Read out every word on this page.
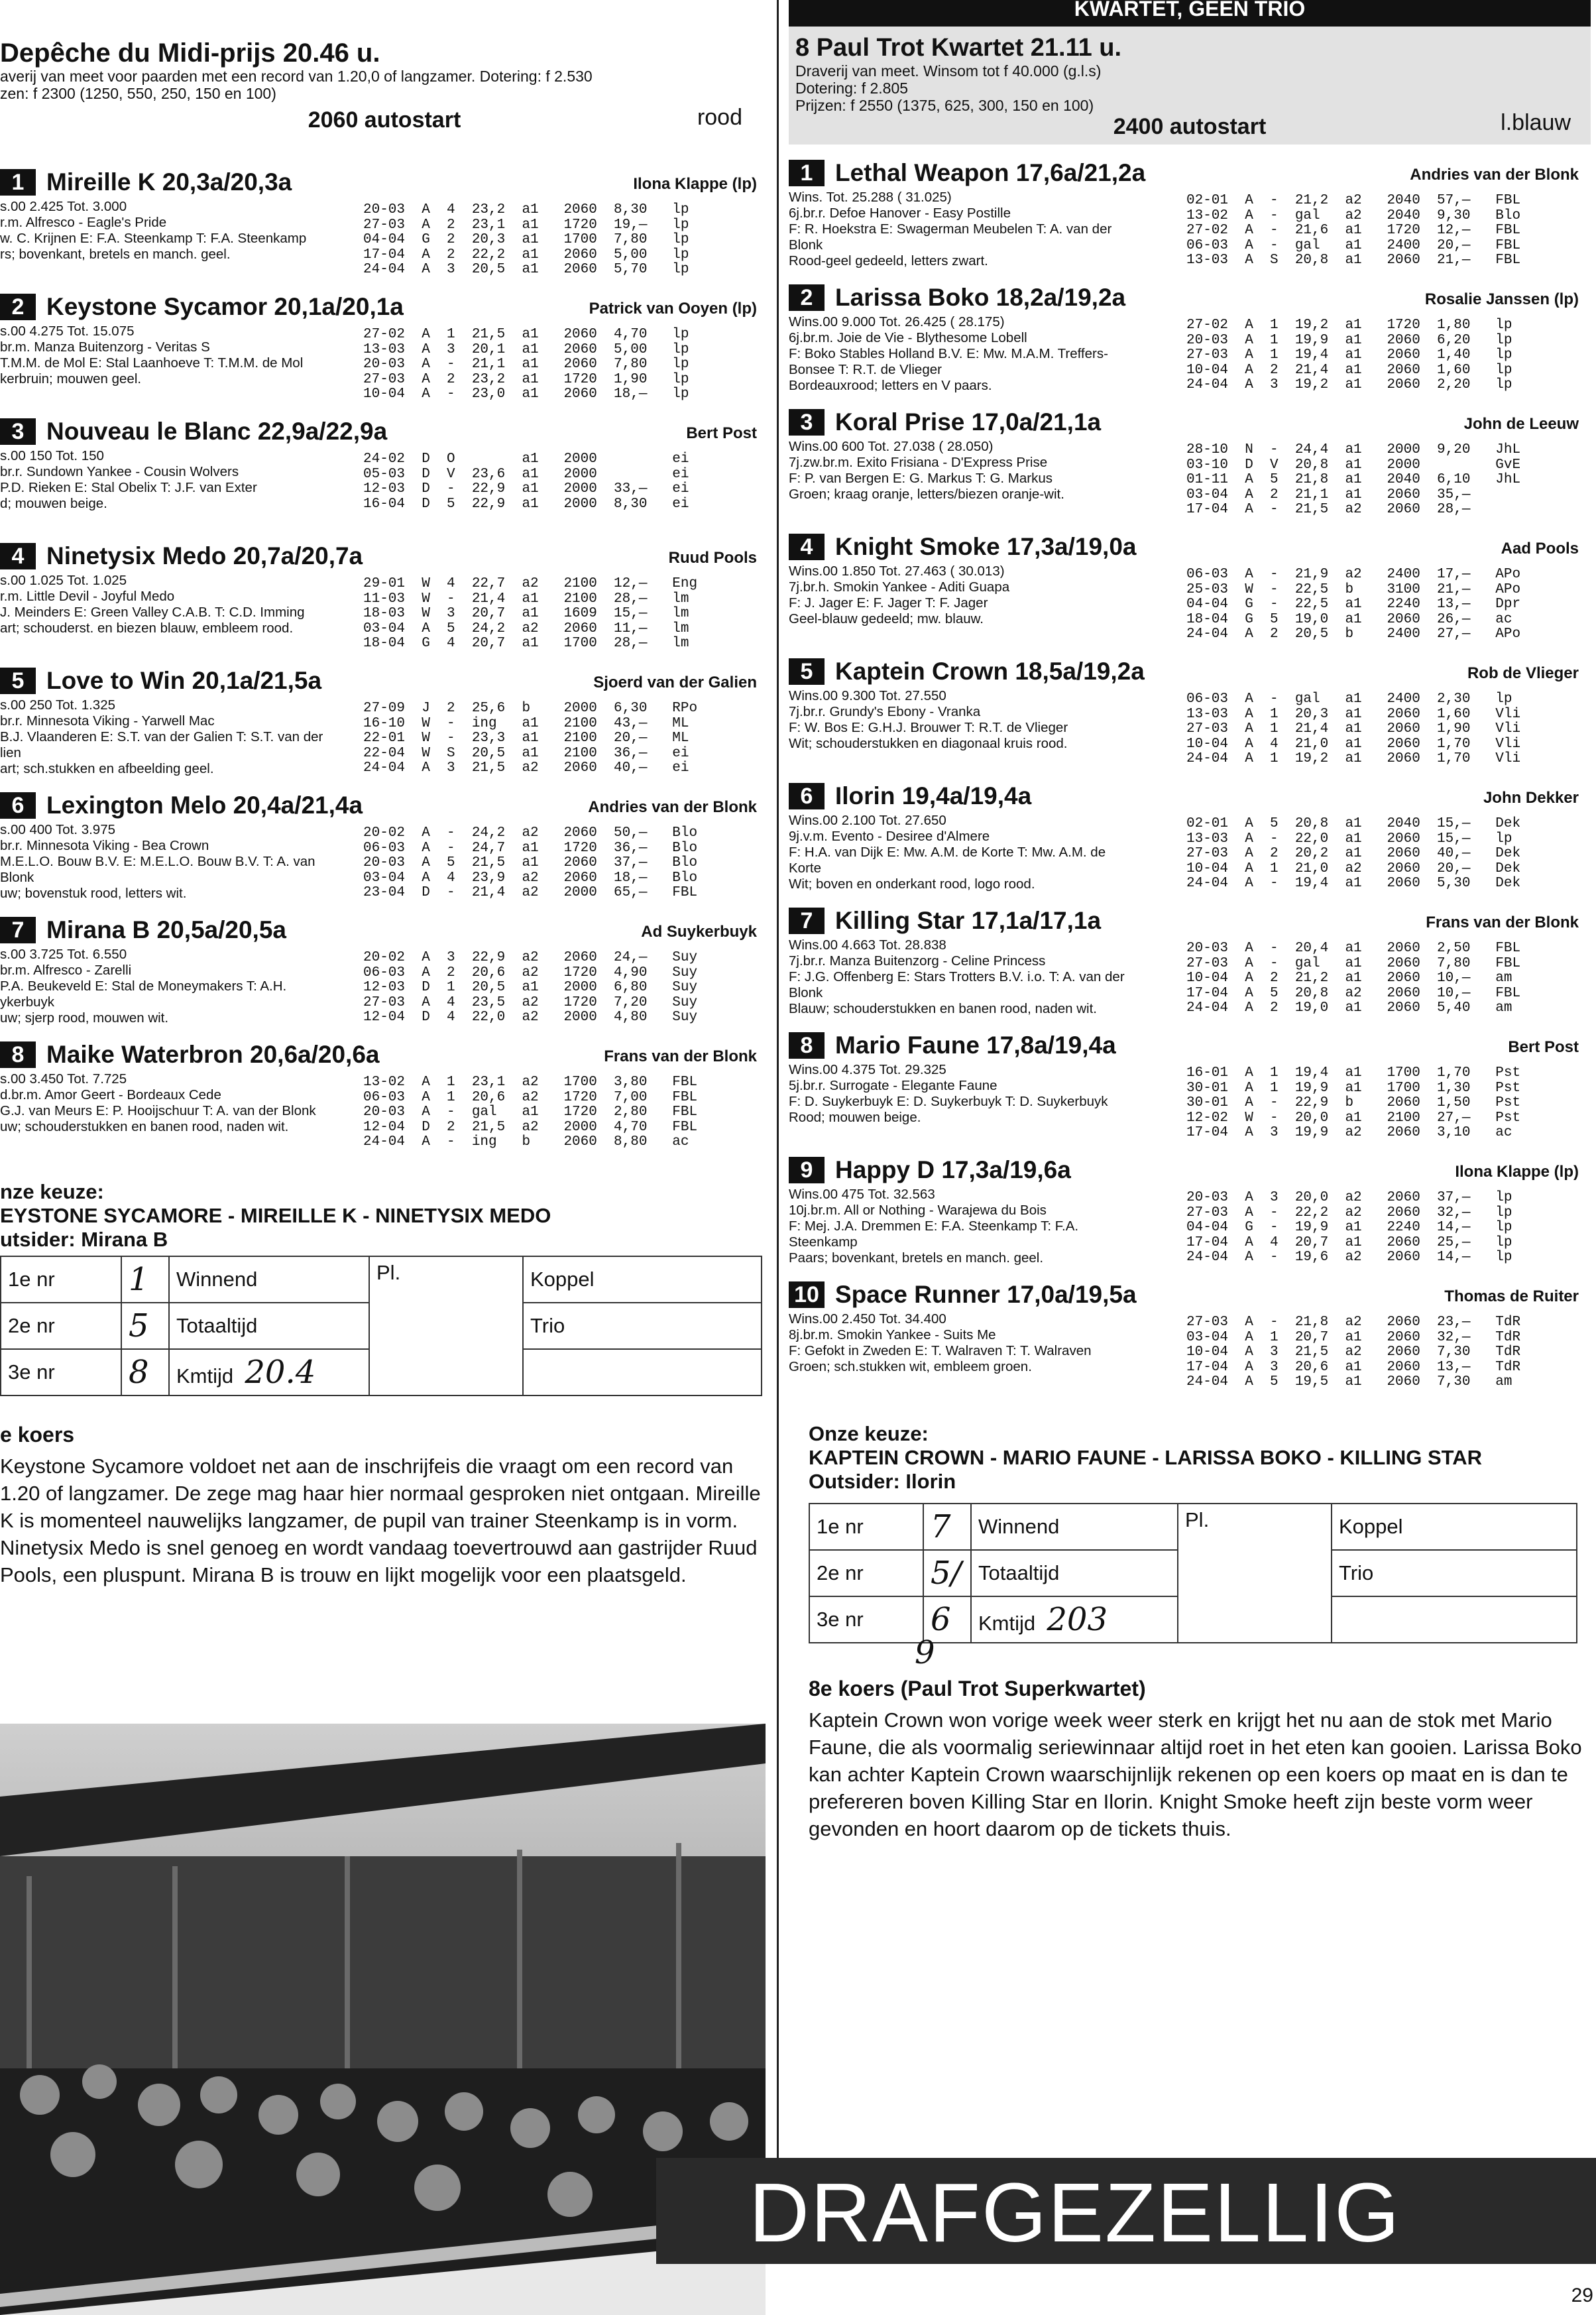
Depêche du Midi-prijs 20.46 u.
averij van meet voor paarden met een record van 1.20,0 of langzamer. Dotering: f 2.530
zen: f 2300 (1250, 550, 250, 150 en 100)
2060 autostart	rood
1 Mireille K 20,3a/20,3a	Ilona Klappe (lp)
s.00 2.425 Tot. 3.000
r.m. Alfresco - Eagle's Pride
w. C. Krijnen E: F.A. Steenkamp T: F.A. Steenkamp
rs; bovenkant, bretels en manch. geel.
20-03  A  4  23,2  a1   2060  8,30   lp
27-03  A  2  23,1  a1   1720  19,—   lp
04-04  G  2  20,3  a1   1700  7,80   lp
17-04  A  2  22,2  a1   2060  5,00   lp
24-04  A  3  20,5  a1   2060  5,70   lp
2 Keystone Sycamor 20,1a/20,1a	Patrick van Ooyen (lp)
s.00 4.275 Tot. 15.075
br.m. Manza Buitenzorg - Veritas S
T.M.M. de Mol E: Stal Laanhoeve T: T.M.M. de Mol
kerbruin; mouwen geel.
27-02  A  1  21,5  a1   2060  4,70   lp
13-03  A  3  20,1  a1   2060  5,00   lp
20-03  A  -  21,1  a1   2060  7,80   lp
27-03  A  2  23,2  a1   1720  1,90   lp
10-04  A  -  23,0  a1   2060  18,—   lp
3 Nouveau le Blanc 22,9a/22,9a	Bert Post
s.00 150 Tot. 150
br.r. Sundown Yankee - Cousin Wolvers
P.D. Rieken E: Stal Obelix T: J.F. van Exter
d; mouwen beige.
24-02  D  O        a1   2000         ei
05-03  D  V  23,6  a1   2000         ei
12-03  D  -  22,9  a1   2000  33,—   ei
16-04  D  5  22,9  a1   2000  8,30   ei
4 Ninetysix Medo 20,7a/20,7a	Ruud Pools
s.00 1.025 Tot. 1.025
r.m. Little Devil - Joyful Medo
J. Meinders E: Green Valley C.A.B. T: C.D. Imming
art; schouderst. en biezen blauw, embleem rood.
29-01  W  4  22,7  a2   2100  12,—   Eng
11-03  W  -  21,4  a1   2100  28,—   lm
18-03  W  3  20,7  a1   1609  15,—   lm
03-04  A  5  24,2  a2   2060  11,—   lm
18-04  G  4  20,7  a1   1700  28,—   lm
5 Love to Win 20,1a/21,5a	Sjoerd van der Galien
s.00 250 Tot. 1.325
br.r. Minnesota Viking - Yarwell Mac
B.J. Vlaanderen E: S.T. van der Galien T: S.T. van der
lien
art; sch.stukken en afbeelding geel.
27-09  J  2  25,6  b    2000  6,30   RPo
16-10  W  -  ing   a1   2100  43,—   ML
22-01  W  -  23,3  a1   2100  20,—   ML
22-04  W  S  20,5  a1   2100  36,—   ei
24-04  A  3  21,5  a2   2060  40,—   ei
6 Lexington Melo 20,4a/21,4a	Andries van der Blonk
s.00 400 Tot. 3.975
br.r. Minnesota Viking - Bea Crown
M.E.L.O. Bouw B.V. E: M.E.L.O. Bouw B.V. T: A. van
Blonk
uw; bovenstuk rood, letters wit.
20-02  A  -  24,2  a2   2060  50,—   Blo
06-03  A  -  24,7  a1   1720  36,—   Blo
20-03  A  5  21,5  a1   2060  37,—   Blo
03-04  A  4  23,9  a2   2060  18,—   Blo
23-04  D  -  21,4  a2   2000  65,—   FBL
7 Mirana B 20,5a/20,5a	Ad Suykerbuyk
s.00 3.725 Tot. 6.550
br.m. Alfresco - Zarelli
P.A. Beukeveld E: Stal de Moneymakers T: A.H.
ykerbuyk
uw; sjerp rood, mouwen wit.
20-02  A  3  22,9  a2   2060  24,—   Suy
06-03  A  2  20,6  a2   1720  4,90   Suy
12-03  D  1  20,5  a1   2000  6,80   Suy
27-03  A  4  23,5  a2   1720  7,20   Suy
12-04  D  4  22,0  a2   2000  4,80   Suy
8 Maike Waterbron 20,6a/20,6a	Frans van der Blonk
s.00 3.450 Tot. 7.725
d.br.m. Amor Geert - Bordeaux Cede
G.J. van Meurs E: P. Hooijschuur T: A. van der Blonk
uw; schouderstukken en banen rood, naden wit.
13-02  A  1  23,1  a2   1700  3,80   FBL
06-03  A  1  20,6  a2   1720  7,00   FBL
20-03  A  -  gal   a1   1720  2,80   FBL
12-04  D  2  21,5  a2   2000  4,70   FBL
24-04  A  -  ing   b    2060  8,80   ac
nze keuze:
EYSTONE SYCAMORE - MIREILLE K - NINETYSIX MEDO
utsider: Mirana B
1e nr	1	Winnend	Pl.	Koppel
2e nr	5	Totaaltijd		Trio
3e nr	8	Kmtijd 20.4		
e koers
Keystone Sycamore voldoet net aan de inschrijfeis die vraagt om een record van 1.20 of langzamer. De zege mag haar hier normaal gesproken niet ontgaan. Mireille K is momenteel nauwelijks langzamer, de pupil van trainer Steenkamp is in vorm. Ninetysix Medo is snel genoeg en wordt vandaag toevertrouwd aan gastrijder Ruud Pools, een pluspunt. Mirana B is trouw en lijkt mogelijk voor een plaatsgeld.
KWARTET, GEEN TRIO
8 Paul Trot Kwartet 21.11 u.
Draverij van meet. Winsom tot f 40.000 (g.l.s)
Dotering: f 2.805
Prijzen: f 2550 (1375, 625, 300, 150 en 100)
2400 autostart	l.blauw
1 Lethal Weapon 17,6a/21,2a	Andries van der Blonk
Wins. Tot. 25.288 ( 31.025)
6j.br.r. Defoe Hanover - Easy Postille
F: R. Hoekstra E: Swagerman Meubelen T: A. van der
Blonk
Rood-geel gedeeld, letters zwart.
02-01  A  -  21,2  a2   2040  57,—   FBL
13-02  A  -  gal   a2   2040  9,30   Blo
27-02  A  -  21,6  a1   1720  12,—   FBL
06-03  A  -  gal   a1   2400  20,—   FBL
13-03  A  S  20,8  a1   2060  21,—   FBL
2 Larissa Boko 18,2a/19,2a	Rosalie Janssen (lp)
Wins.00 9.000 Tot. 26.425 ( 28.175)
6j.br.m. Joie de Vie - Blythesome Lobell
F: Boko Stables Holland B.V. E: Mw. M.A.M. Treffers-
Bonsee T: R.T. de Vlieger
Bordeauxrood; letters en V paars.
27-02  A  1  19,2  a1   1720  1,80   lp
20-03  A  1  19,9  a1   2060  6,20   lp
27-03  A  1  19,4  a1   2060  1,40   lp
10-04  A  2  21,4  a1   2060  1,60   lp
24-04  A  3  19,2  a1   2060  2,20   lp
3 Koral Prise 17,0a/21,1a	John de Leeuw
Wins.00 600 Tot. 27.038 ( 28.050)
7j.zw.br.m. Exito Frisiana - D'Express Prise
F: P. van Bergen E: G. Markus T: G. Markus
Groen; kraag oranje, letters/biezen oranje-wit.
28-10  N  -  24,4  a1   2000  9,20   JhL
03-10  D  V  20,8  a1   2000         GvE
01-11  A  5  21,8  a1   2040  6,10   JhL
03-04  A  2  21,1  a1   2060  35,—
17-04  A  -  21,5  a2   2060  28,—
4 Knight Smoke 17,3a/19,0a	Aad Pools
Wins.00 1.850 Tot. 27.463 ( 30.013)
7j.br.h. Smokin Yankee - Aditi Guapa
F: J. Jager E: F. Jager T: F. Jager
Geel-blauw gedeeld; mw. blauw.
06-03  A  -  21,9  a2   2400  17,—   APo
25-03  W  -  22,5  b    3100  21,—   APo
04-04  G  -  22,5  a1   2240  13,—   Dpr
18-04  G  5  19,0  a1   2060  26,—   ac
24-04  A  2  20,5  b    2400  27,—   APo
5 Kaptein Crown 18,5a/19,2a	Rob de Vlieger
Wins.00 9.300 Tot. 27.550
7j.br.r. Grundy's Ebony - Vranka
F: W. Bos E: G.H.J. Brouwer T: R.T. de Vlieger
Wit; schouderstukken en diagonaal kruis rood.
06-03  A  -  gal   a1   2400  2,30   lp
13-03  A  1  20,3  a1   2060  1,60   Vli
27-03  A  1  21,4  a1   2060  1,90   Vli
10-04  A  4  21,0  a1   2060  1,70   Vli
24-04  A  1  19,2  a1   2060  1,70   Vli
6 Ilorin 19,4a/19,4a	John Dekker
Wins.00 2.100 Tot. 27.650
9j.v.m. Evento - Desiree d'Almere
F: H.A. van Dijk E: Mw. A.M. de Korte T: Mw. A.M. de
Korte
Wit; boven en onderkant rood, logo rood.
02-01  A  5  20,8  a1   2040  15,—   Dek
13-03  A  -  22,0  a1   2060  15,—   lp
27-03  A  2  20,2  a1   2060  40,—   Dek
10-04  A  1  21,0  a2   2060  20,—   Dek
24-04  A  -  19,4  a1   2060  5,30   Dek
7 Killing Star 17,1a/17,1a	Frans van der Blonk
Wins.00 4.663 Tot. 28.838
7j.br.r. Manza Buitenzorg - Celine Princess
F: J.G. Offenberg E: Stars Trotters B.V. i.o. T: A. van der
Blonk
Blauw; schouderstukken en banen rood, naden wit.
20-03  A  -  20,4  a1   2060  2,50   FBL
27-03  A  -  gal   a1   2060  7,80   FBL
10-04  A  2  21,2  a1   2060  10,—   am
17-04  A  5  20,8  a2   2060  10,—   FBL
24-04  A  2  19,0  a1   2060  5,40   am
8 Mario Faune 17,8a/19,4a	Bert Post
Wins.00 4.375 Tot. 29.325
5j.br.r. Surrogate - Elegante Faune
F: D. Suykerbuyk E: D. Suykerbuyk T: D. Suykerbuyk
Rood; mouwen beige.
16-01  A  1  19,4  a1   1700  1,70   Pst
30-01  A  1  19,9  a1   1700  1,30   Pst
30-01  A  -  22,9  b    2060  1,50   Pst
12-02  W  -  20,0  a1   2100  27,—   Pst
17-04  A  3  19,9  a2   2060  3,10   ac
9 Happy D 17,3a/19,6a	Ilona Klappe (lp)
Wins.00 475 Tot. 32.563
10j.br.m. All or Nothing - Warajewa du Bois
F: Mej. J.A. Dremmen E: F.A. Steenkamp T: F.A.
Steenkamp
Paars; bovenkant, bretels en manch. geel.
20-03  A  3  20,0  a2   2060  37,—   lp
27-03  A  -  22,2  a2   2060  32,—   lp
04-04  G  -  19,9  a1   2240  14,—   lp
17-04  A  4  20,7  a1   2060  25,—   lp
24-04  A  -  19,6  a2   2060  14,—   lp
10 Space Runner 17,0a/19,5a	Thomas de Ruiter
Wins.00 2.450 Tot. 34.400
8j.br.m. Smokin Yankee - Suits Me
F: Gefokt in Zweden E: T. Walraven T: T. Walraven
Groen; sch.stukken wit, embleem groen.
27-03  A  -  21,8  a2   2060  23,—   TdR
03-04  A  1  20,7  a1   2060  32,—   TdR
10-04  A  3  21,5  a2   2060  7,30   TdR
17-04  A  3  20,6  a1   2060  13,—   TdR
24-04  A  5  19,5  a1   2060  7,30   am
Onze keuze:
KAPTEIN CROWN - MARIO FAUNE - LARISSA BOKO - KILLING STAR
Outsider: Ilorin
1e nr	7	Winnend	Pl.	Koppel
2e nr	5/	Totaaltijd		Trio
3e nr	6	Kmtijd 203		
9
8e koers (Paul Trot Superkwartet)
Kaptein Crown won vorige week weer sterk en krijgt het nu aan de stok met Mario Faune, die als voormalig seriewinnaar altijd roet in het eten kan gooien. Larissa Boko kan achter Kaptein Crown waarschijnlijk rekenen op een koers op maat en is dan te prefereren boven Killing Star en Ilorin. Knight Smoke heeft zijn beste vorm weer gevonden en hoort daarom op de tickets thuis.
DRAFGEZELLIG
29
